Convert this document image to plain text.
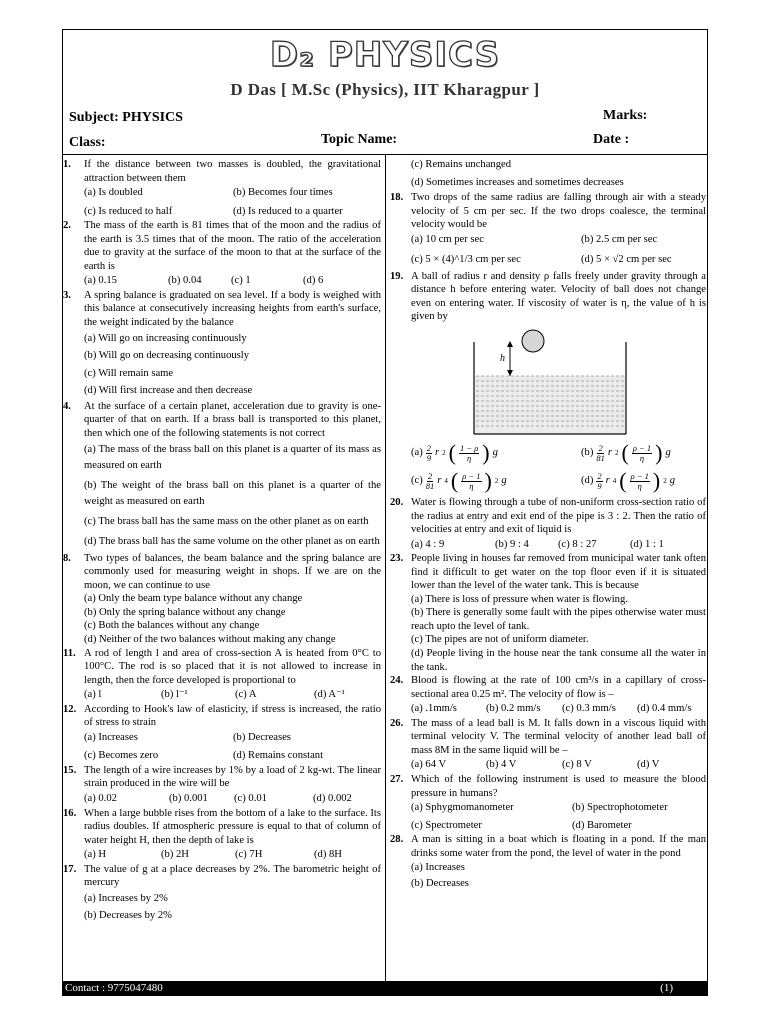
D₂ PHYSICS
D Das [ M.Sc (Physics), IIT Kharagpur ]
Subject: PHYSICS	Marks:
Class:	Topic Name:	Date :
1.	If the distance between two masses is doubled, the gravitational attraction between them
(a) Is doubled	(b) Becomes four times
(c) Is reduced to half	(d) Is reduced to a quarter
2.	The mass of the earth is 81 times that of the moon and the radius of the earth is 3.5 times that of the moon. The ratio of the acceleration due to gravity at the surface of the moon to that at the surface of the earth is
(a) 0.15	(b) 0.04	(c) 1	(d) 6
3.	A spring balance is graduated on sea level. If a body is weighed with this balance at consecutively increasing heights from earth's surface, the weight indicated by the balance
(a) Will go on increasing continuously
(b) Will go on decreasing continuously
(c) Will remain same
(d) Will first increase and then decrease
4.	At the surface of a certain planet, acceleration due to gravity is one-quarter of that on earth. If a brass ball is transported to this planet, then which one of the following statements is not correct
(a) The mass of the brass ball on this planet is a quarter of its mass as measured on earth
(b) The weight of the brass ball on this planet is a quarter of the weight as measured on earth
(c) The brass ball has the same mass on the other planet as on earth
(d) The brass ball has the same volume on the other planet as on earth
8.	Two types of balances, the beam balance and the spring balance are commonly used for measuring weight in shops. If we are on the moon, we can continue to use
(a) Only the beam type balance without any change
(b) Only the spring balance without any change
(c) Both the balances without any change
(d) Neither of the two balances without making any change
11. A rod of length l and area of cross-section A is heated from 0°C to 100°C. The rod is so placed that it is not allowed to increase in length, then the force developed is proportional to
(a) l	(b) l⁻¹	(c) A	(d) A⁻¹
12. According to Hook's law of elasticity, if stress is increased, the ratio of stress to strain
(a) Increases	(b) Decreases
(c) Becomes zero	(d) Remains constant
15. The length of a wire increases by 1% by a load of 2 kg-wt. The linear strain produced in the wire will be
(a) 0.02	(b) 0.001	(c) 0.01	(d) 0.002
16. When a large bubble rises from the bottom of a lake to the surface. Its radius doubles. If atmospheric pressure is equal to that of column of water height H, then the depth of lake is
(a) H	(b) 2H	(c) 7H	(d) 8H
17. The value of g at a place decreases by 2%. The barometric height of mercury
(a) Increases by 2%
(b) Decreases by 2%
(c) Remains unchanged
(d) Sometimes increases and sometimes decreases
18. Two drops of the same radius are falling through air with a steady velocity of 5 cm per sec. If the two drops coalesce, the terminal velocity would be
(a) 10 cm per sec	(b) 2.5 cm per sec
(c) 5 × (4)^1/3 cm per sec	(d) 5 × √2 cm per sec
19. A ball of radius r and density ρ falls freely under gravity through a distance h before entering water. Velocity of ball does not change even on entering water. If viscosity of water is η, the value of h is given by
h
$(a) \frac{2}{9}$ r 2 ( $\frac{1 - \rho}{\eta}$ ) g	$(b) \frac{2}{81}$ r 2 ( $\frac{\rho - 1}{\eta}$ ) g
$(c) \frac{2}{81}$ r 4 ( $\frac{\rho - 1}{\eta}$ ) 2 g	$(d) \frac{2}{9}$ r 4 ( $\frac{\rho - 1}{\eta}$ ) 2 g
20. Water is flowing through a tube of non-uniform cross-section ratio of the radius at entry and exit end of the pipe is 3 : 2. Then the ratio of velocities at entry and exit of liquid is
(a) 4 : 9	(b) 9 : 4	(c) 8 : 27	(d) 1 : 1
23. People living in houses far removed from municipal water tank often find it difficult to get water on the top floor even if it is situated lower than the level of the water tank. This is because
(a) There is loss of pressure when water is flowing.
(b) There is generally some fault with the pipes otherwise water must reach upto the level of tank.
(c) The pipes are not of uniform diameter.
(d) People living in the house near the tank consume all the water in the tank.
24. Blood is flowing at the rate of 100 cm³/s in a capillary of cross-sectional area 0.25 m². The velocity of flow is –
(a) .1mm/s	(b) 0.2 mm/s	(c) 0.3 mm/s	(d) 0.4 mm/s
26. The mass of a lead ball is M. It falls down in a viscous liquid with terminal velocity V. The terminal velocity of another lead ball of mass 8M in the same liquid will be –
(a) 64 V	(b) 4 V	(c) 8 V	(d) V
27. Which of the following instrument is used to measure the blood pressure in humans?
(a) Sphygmomanometer	(b) Spectrophotometer
(c) Spectrometer	(d) Barometer
28. A man is sitting in a boat which is floating in a pond. If the man drinks some water from the pond, the level of water in the pond
(a) Increases
(b) Decreases
Contact : 9775047480	(1)
